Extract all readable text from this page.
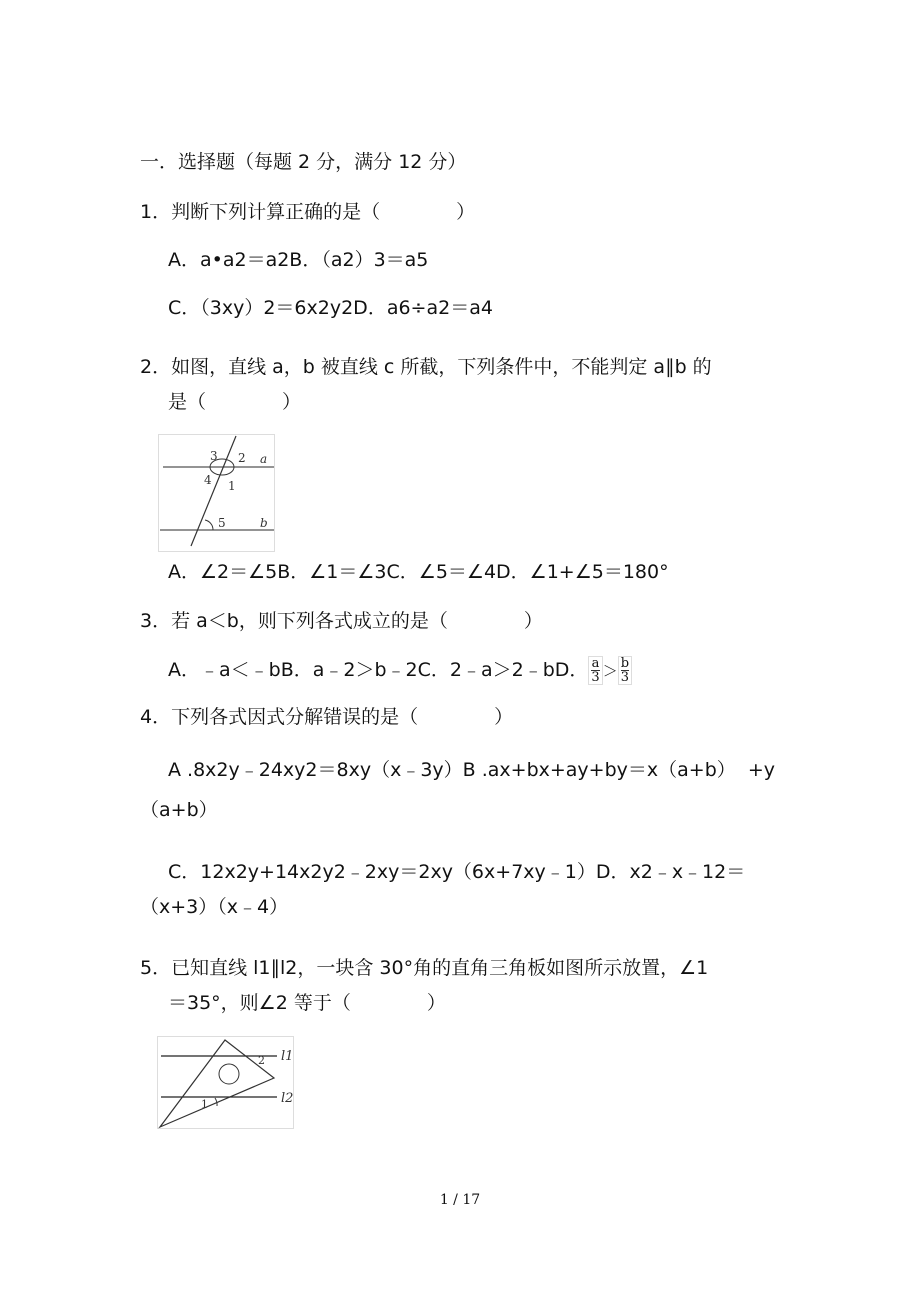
一．选择题（每题 2 分，满分 12 分）
1．判断下列计算正确的是（　　　　）
A．a•a2＝a2B．（a2）3＝a5
C．（3xy）2＝6x2y2D．a6÷a2＝a4
2．如图，直线 a，b 被直线 c 所截，下列条件中，不能判定 a∥b 的
是（　　　　）
3 2 a
4 1
5	b
A．∠2＝∠5B．∠1＝∠3C．∠5＝∠4D．∠1+∠5＝180°
3．若 a＜b，则下列各式成立的是（　　　　）
A．﹣a＜﹣bB．a﹣2＞b﹣2C．2﹣a＞2﹣bD． $\frac{a}{3} > \frac{b}{3}$
4．下列各式因式分解错误的是（　　　　）
A .8x2y﹣24xy2＝8xy（x﹣3y）B .ax+bx+ay+by＝x（a+b）  +y
（a+b）
C．12x2y+14x2y2﹣2xy＝2xy（6x+7xy﹣1）D．x2﹣x﹣12＝
（x+3）（x﹣4）
5．已知直线 l1∥l2，一块含 30°角的直角三角板如图所示放置，∠1
＝35°，则∠2 等于（　　　　）
2 l1
1	l2
1 / 17
